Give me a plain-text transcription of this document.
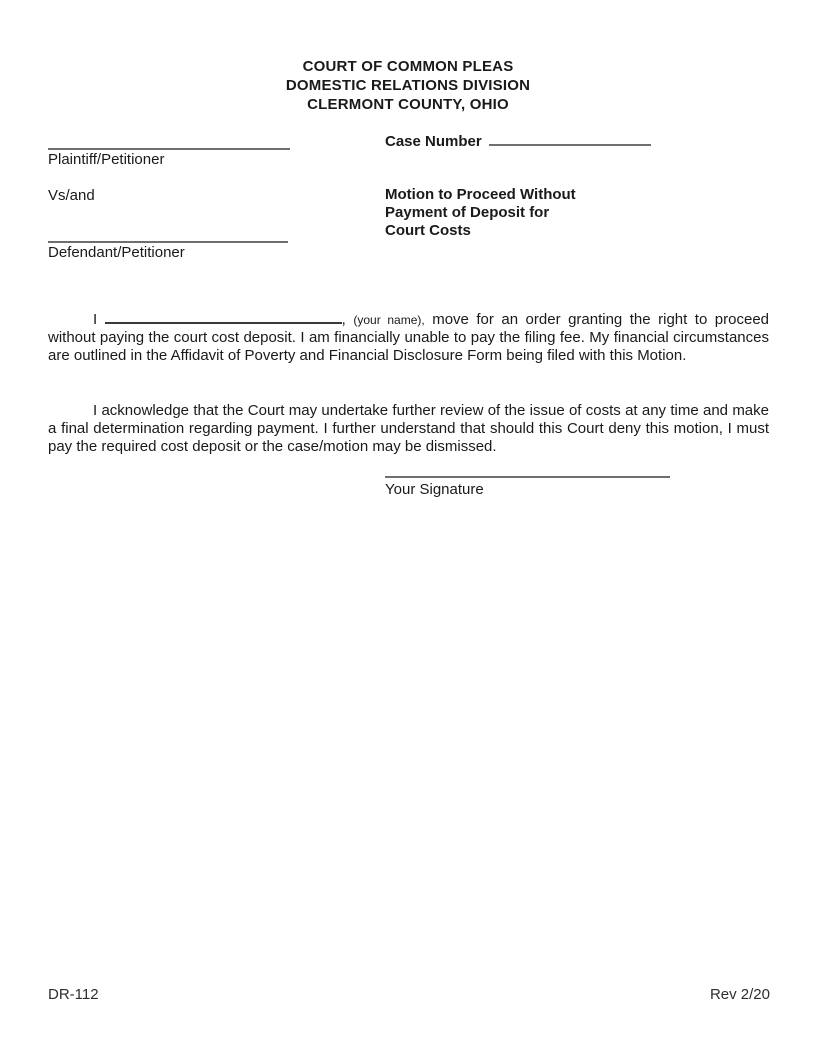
COURT OF COMMON PLEAS
DOMESTIC RELATIONS DIVISION
CLERMONT COUNTY, OHIO
Plaintiff/Petitioner
Vs/and
Defendant/Petitioner
Case Number
Motion to Proceed Without
Payment of Deposit for
Court Costs

I	, (your name), move for an order granting the right to proceed without paying the court cost deposit. I am financially unable to pay the filing fee. My financial circumstances are outlined in the Affidavit of Poverty and Financial Disclosure Form being filed with this Motion.

I acknowledge that the Court may undertake further review of the issue of costs at any time and make a final determination regarding payment. I further understand that should this Court deny this motion, I must pay the required cost deposit or the case/motion may be dismissed.

Your Signature
DR-112	Rev 2/20
